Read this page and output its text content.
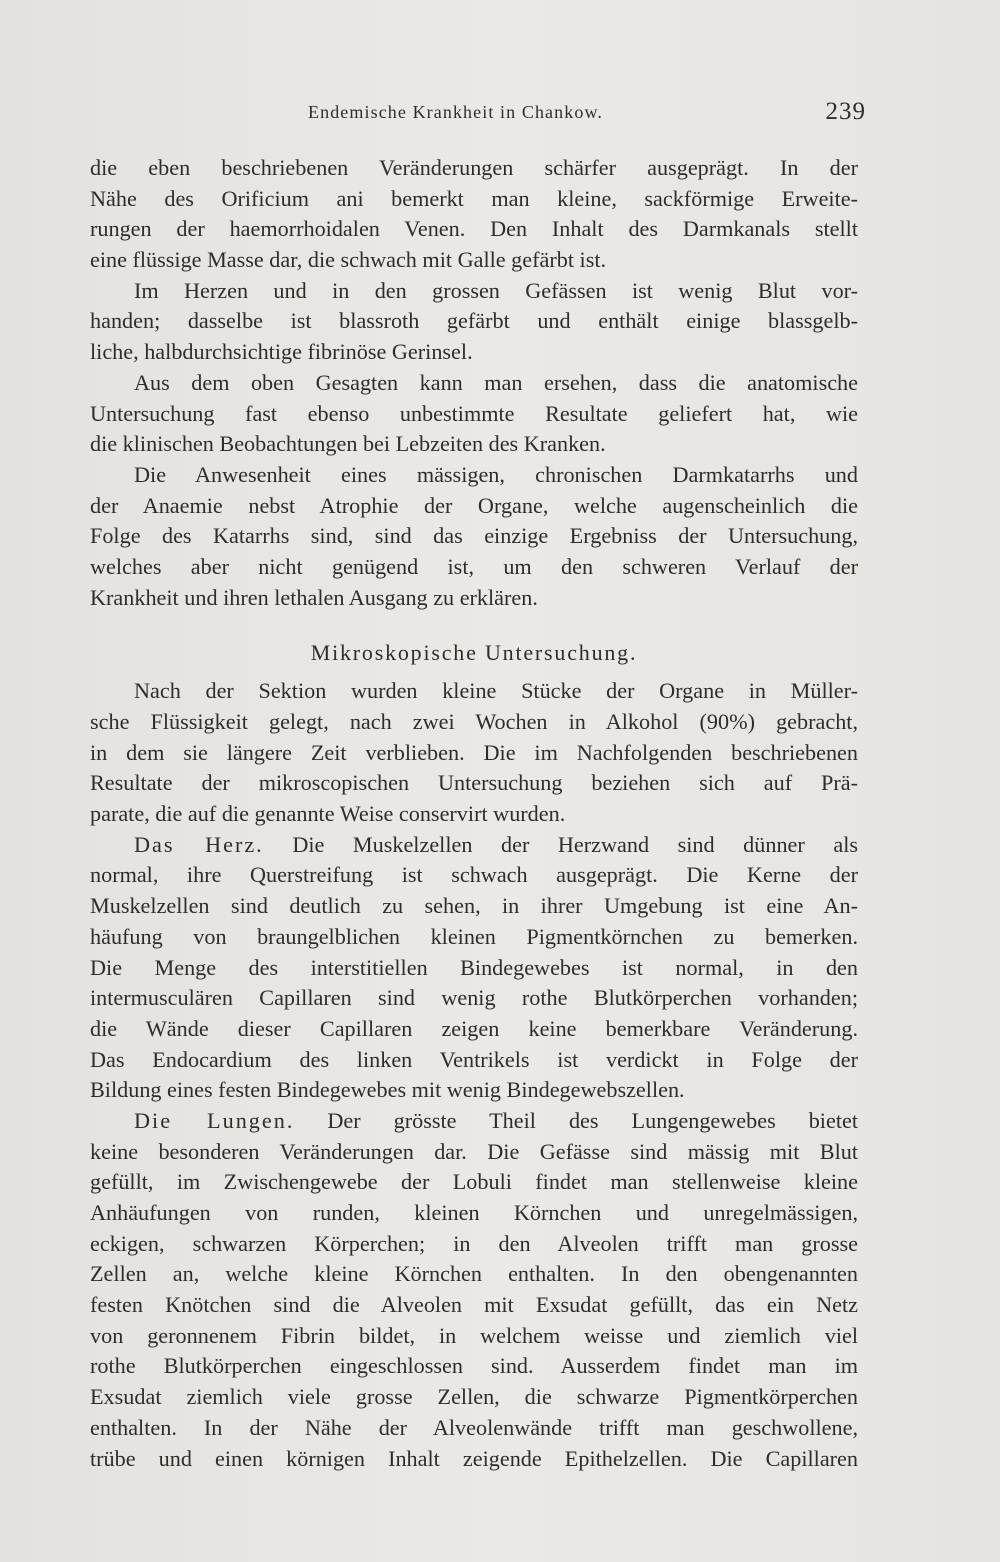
Endemische Krankheit in Chankow.	239
die eben beschriebenen Veränderungen schärfer ausgeprägt. In der
Nähe des Orificium ani bemerkt man kleine, sackförmige Erweite-
rungen der haemorrhoidalen Venen. Den Inhalt des Darmkanals stellt
eine flüssige Masse dar, die schwach mit Galle gefärbt ist.
Im Herzen und in den grossen Gefässen ist wenig Blut vor-
handen; dasselbe ist blassroth gefärbt und enthält einige blassgelb-
liche, halbdurchsichtige fibrinöse Gerinsel.
Aus dem oben Gesagten kann man ersehen, dass die anatomische
Untersuchung fast ebenso unbestimmte Resultate geliefert hat, wie
die klinischen Beobachtungen bei Lebzeiten des Kranken.
Die Anwesenheit eines mässigen, chronischen Darmkatarrhs und
der Anaemie nebst Atrophie der Organe, welche augenscheinlich die
Folge des Katarrhs sind, sind das einzige Ergebniss der Untersuchung,
welches aber nicht genügend ist, um den schweren Verlauf der
Krankheit und ihren lethalen Ausgang zu erklären.
Mikroskopische Untersuchung.
Nach der Sektion wurden kleine Stücke der Organe in Müller-
sche Flüssigkeit gelegt, nach zwei Wochen in Alkohol (90%) gebracht,
in dem sie längere Zeit verblieben. Die im Nachfolgenden beschriebenen
Resultate der mikroscopischen Untersuchung beziehen sich auf Prä-
parate, die auf die genannte Weise conservirt wurden.
Das Herz. Die Muskelzellen der Herzwand sind dünner als
normal, ihre Querstreifung ist schwach ausgeprägt. Die Kerne der
Muskelzellen sind deutlich zu sehen, in ihrer Umgebung ist eine An-
häufung von braungelblichen kleinen Pigmentkörnchen zu bemerken.
Die Menge des interstitiellen Bindegewebes ist normal, in den
intermusculären Capillaren sind wenig rothe Blutkörperchen vorhanden;
die Wände dieser Capillaren zeigen keine bemerkbare Veränderung.
Das Endocardium des linken Ventrikels ist verdickt in Folge der
Bildung eines festen Bindegewebes mit wenig Bindegewebszellen.
Die Lungen. Der grösste Theil des Lungengewebes bietet
keine besonderen Veränderungen dar. Die Gefässe sind mässig mit Blut
gefüllt, im Zwischengewebe der Lobuli findet man stellenweise kleine
Anhäufungen von runden, kleinen Körnchen und unregelmässigen,
eckigen, schwarzen Körperchen; in den Alveolen trifft man grosse
Zellen an, welche kleine Körnchen enthalten. In den obengenannten
festen Knötchen sind die Alveolen mit Exsudat gefüllt, das ein Netz
von geronnenem Fibrin bildet, in welchem weisse und ziemlich viel
rothe Blutkörperchen eingeschlossen sind. Ausserdem findet man im
Exsudat ziemlich viele grosse Zellen, die schwarze Pigmentkörperchen
enthalten. In der Nähe der Alveolenwände trifft man geschwollene,
trübe und einen körnigen Inhalt zeigende Epithelzellen. Die Capillaren
